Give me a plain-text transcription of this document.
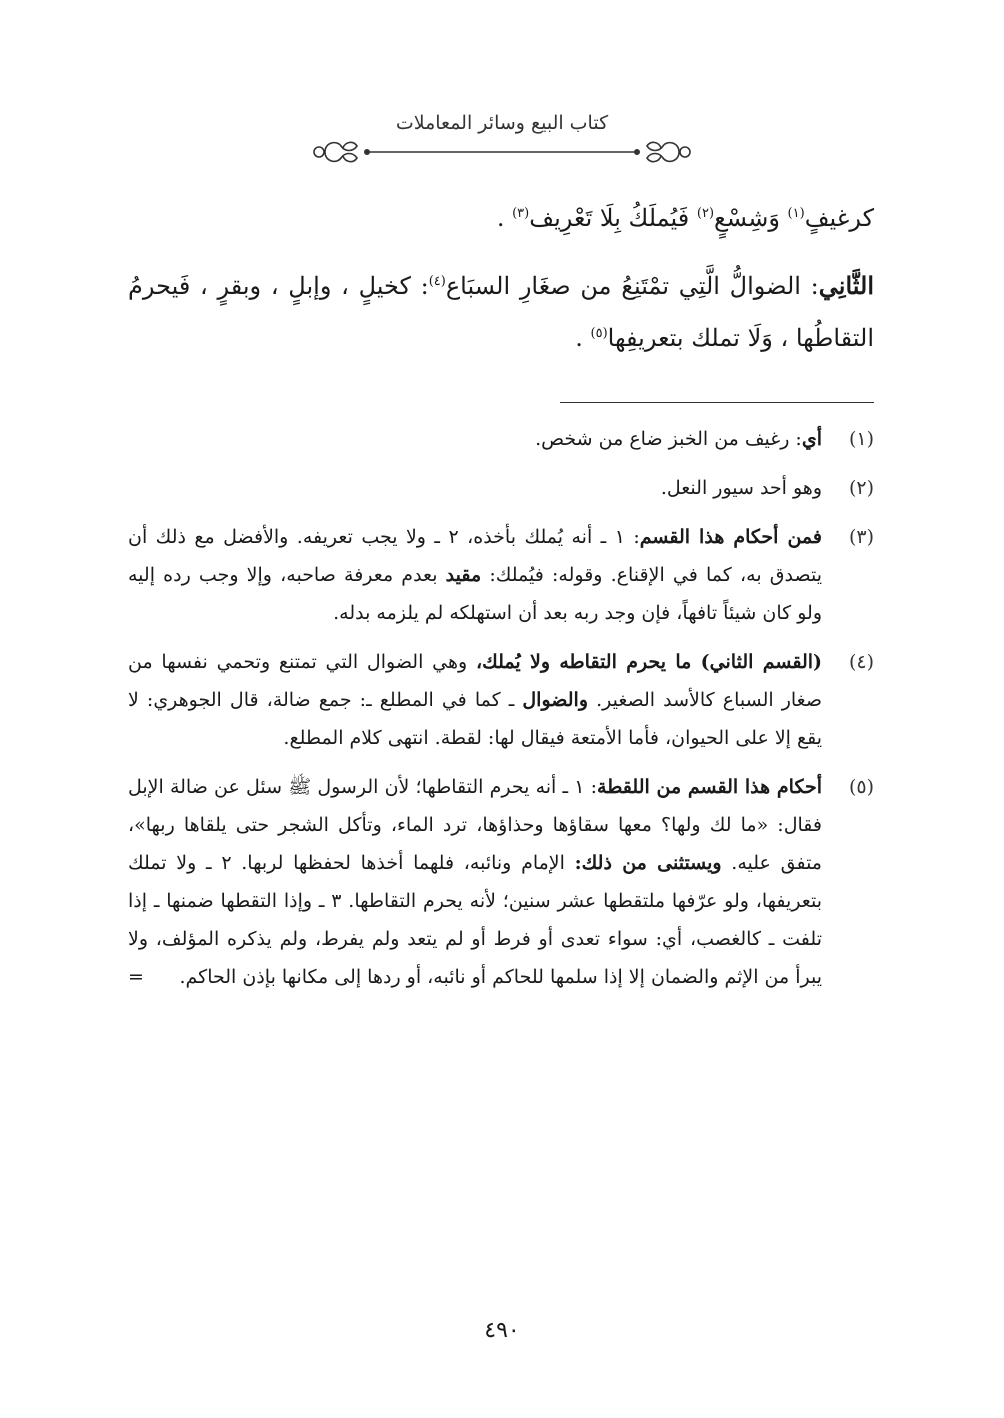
كتاب البيع وسائر المعاملات

كرغيفٍ$^{(١)}$ وَشِسْعٍ$^{(٢)}$ فَيُملَكُ بِلَا تَعْرِيف$^{(٣)}$ .

الثَّانِي: الضوالُّ الَّتِي تمْتَنِعُ من صغَارِ السبَاع$^{(٤)}$: كخيلٍ ، وإبلٍ ، وبقرٍ ، فَيحرمُ التقاطُها ، وَلَا تملك بتعريفِها$^{(٥)}$ .

(١)
أي: رغيف من الخبز ضاع من شخص.

(٢)
وهو أحد سيور النعل.

(٣)
فمن أحكام هذا القسم: ١ ـ أنه يُملك بأخذه، ٢ ـ ولا يجب تعريفه. والأفضل مع ذلك أن يتصدق به، كما في الإقناع. وقوله: فيُملك: مقيد بعدم معرفة صاحبه، وإلا وجب رده إليه ولو كان شيئاً تافهاً، فإن وجد ربه بعد أن استهلكه لم يلزمه بدله.

(٤)
(القسم الثاني) ما يحرم التقاطه ولا يُملك، وهي الضوال التي تمتنع وتحمي نفسها من صغار السباع كالأسد الصغير. والضوال ـ كما في المطلع ـ: جمع ضالة، قال الجوهري: لا يقع إلا على الحيوان، فأما الأمتعة فيقال لها: لقطة. انتهى كلام المطلع.

(٥)
أحكام هذا القسم من اللقطة: ١ ـ أنه يحرم التقاطها؛ لأن الرسول ﷺ سئل عن ضالة الإبل فقال: «ما لك ولها؟ معها سقاؤها وحذاؤها، ترد الماء، وتأكل الشجر حتى يلقاها ربها»، متفق عليه. ويستثنى من ذلك: الإمام ونائبه، فلهما أخذها لحفظها لربها. ٢ ـ ولا تملك بتعريفها، ولو عرّفها ملتقطها عشر سنين؛ لأنه يحرم التقاطها. ٣ ـ وإذا التقطها ضمنها ـ إذا تلفت ـ كالغصب، أي: سواء تعدى أو فرط أو لم يتعد ولم يفرط، ولم يذكره المؤلف، ولا يبرأ من الإثم والضمان إلا إذا سلمها للحاكم أو نائبه، أو ردها إلى مكانها بإذن الحاكم.
=

٤٩٠
